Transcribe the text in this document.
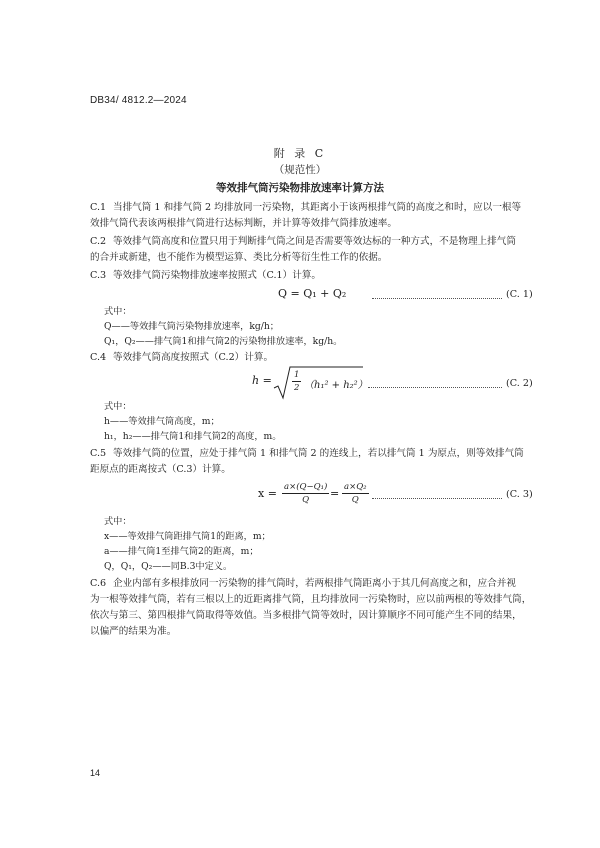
DB34/ 4812.2—2024
附 录 C
（规范性）
等效排气筒污染物排放速率计算方法
C.1 当排气筒 1 和排气筒 2 均排放同一污染物，其距离小于该两根排气筒的高度之和时，应以一根等
效排气筒代表该两根排气筒进行达标判断，并计算等效排气筒排放速率。
C.2 等效排气筒高度和位置只用于判断排气筒之间是否需要等效达标的一种方式，不是物理上排气筒
的合并或新建，也不能作为模型运算、类比分析等衍生性工作的依据。
C.3 等效排气筒污染物排放速率按照式（C.1）计算。
Q = Q₁ + Q₂	(C. 1)
式中：
Q——等效排气筒污染物排放速率，kg/h；
Q₁，Q₂——排气筒1和排气筒2的污染物排放速率，kg/h。
C.4 等效排气筒高度按照式（C.2）计算。
$h = \frac{1}{2} (h_1^2 + h_2^2)$	(C. 2)
式中：
h——等效排气筒高度，m；
h₁，h₂——排气筒1和排气筒2的高度，m。
C.5 等效排气筒的位置，应处于排气筒 1 和排气筒 2 的连线上，若以排气筒 1 为原点，则等效排气筒
距原点的距离按式（C.3）计算。
$x = \frac{\text{a×(Q−Q₁)}}{Q} = \frac{\text{a×Q₂}}{Q}$	(C. 3)
式中：
x——等效排气筒距排气筒1的距离，m；
a——排气筒1至排气筒2的距离，m；
Q，Q₁，Q₂——同B.3中定义。
C.6 企业内部有多根排放同一污染物的排气筒时，若两根排气筒距离小于其几何高度之和，应合并视
为一根等效排气筒，若有三根以上的近距离排气筒，且均排放同一污染物时，应以前两根的等效排气筒，
依次与第三、第四根排气筒取得等效值。当多根排气筒等效时，因计算顺序不同可能产生不同的结果，
以偏严的结果为准。
14
